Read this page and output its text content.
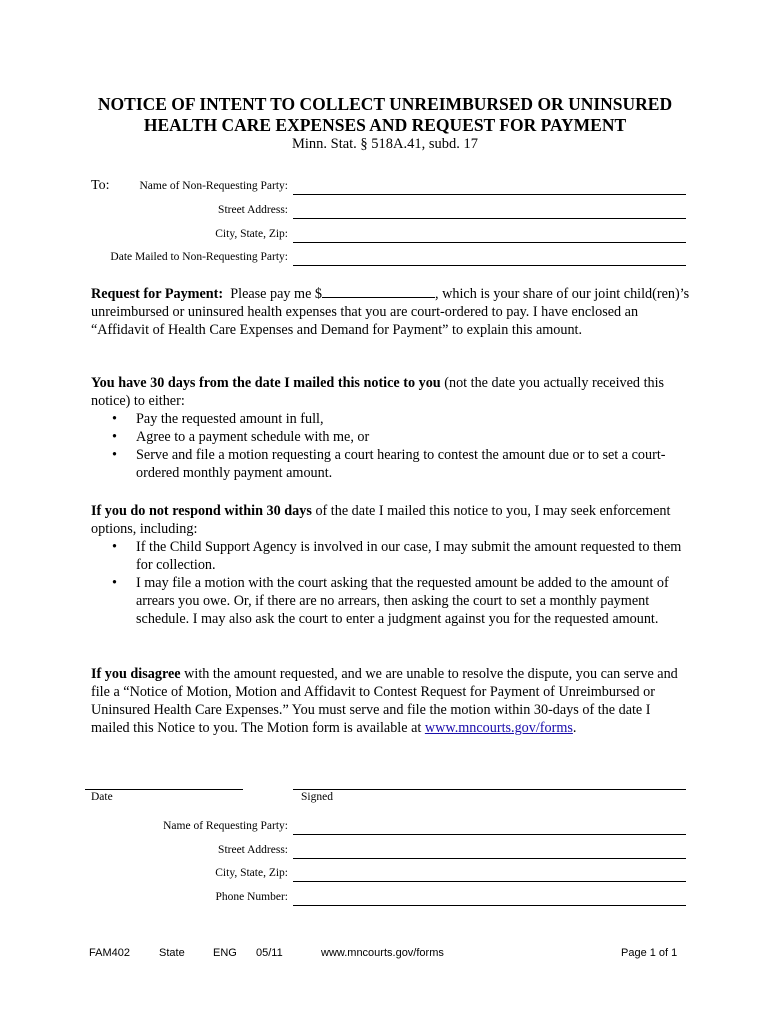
NOTICE OF INTENT TO COLLECT UNREIMBURSED OR UNINSURED
HEALTH CARE EXPENSES AND REQUEST FOR PAYMENT
Minn. Stat. § 518A.41, subd. 17
To:	Name of Non-Requesting Party:
Street Address:
City, State, Zip:
Date Mailed to Non-Requesting Party:

Request for Payment: Please pay me $	, which is your share of our joint child(ren)’s unreimbursed or uninsured health expenses that you are court-ordered to pay. I have enclosed an “Affidavit of Health Care Expenses and Demand for Payment” to explain this amount.

You have 30 days from the date I mailed this notice to you (not the date you actually received this notice) to either:

• Pay the requested amount in full,
• Agree to a payment schedule with me, or
• Serve and file a motion requesting a court hearing to contest the amount due or to set a court-ordered monthly payment amount.

If you do not respond within 30 days of the date I mailed this notice to you, I may seek enforcement options, including:

• If the Child Support Agency is involved in our case, I may submit the amount requested to them for collection.
• I may file a motion with the court asking that the requested amount be added to the amount of arrears you owe. Or, if there are no arrears, then asking the court to set a monthly payment schedule. I may also ask the court to enter a judgment against you for the requested amount.

If you disagree with the amount requested, and we are unable to resolve the dispute, you can serve and file a “Notice of Motion, Motion and Affidavit to Contest Request for Payment of Unreimbursed or Uninsured Health Care Expenses.” You must serve and file the motion within 30-days of the date I mailed this Notice to you. The Motion form is available at www.mncourts.gov/forms.

Date	Signed
Name of Requesting Party:
Street Address:
City, State, Zip:
Phone Number:
FAM402	State	ENG 05/11	www.mncourts.gov/forms	Page 1 of 1
